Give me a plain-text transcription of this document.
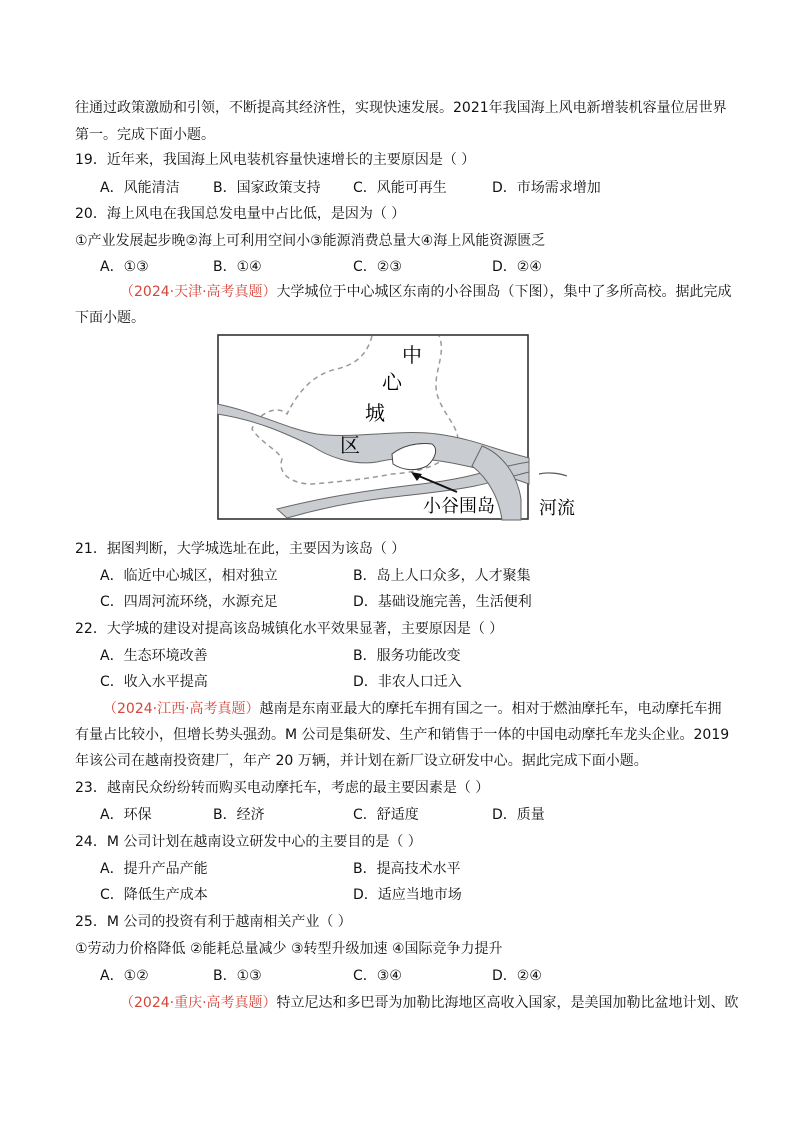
往通过政策激励和引领，不断提高其经济性，实现快速发展。2021年我国海上风电新增装机容量位居世界
第一。完成下面小题。
19．近年来，我国海上风电装机容量快速增长的主要原因是（ ）
A．风能清洁 B．国家政策支持 C．风能可再生	D．市场需求增加
20．海上风电在我国总发电量中占比低，是因为（ ）
①产业发展起步晚②海上可利用空间小③能源消费总量大④海上风能资源匮乏
A．①③	B．①④	C．②③	D．②④
（2024·天津·高考真题）大学城位于中心城区东南的小谷围岛（下图），集中了多所高校。据此完成
下面小题。
中
心
城
区
小谷围岛 河流
21．据图判断，大学城选址在此，主要因为该岛（ ）
A．临近中心城区，相对独立	B．岛上人口众多，人才聚集
C．四周河流环绕，水源充足	D．基础设施完善，生活便利
22．大学城的建设对提高该岛城镇化水平效果显著，主要原因是（ ）
A．生态环境改善	B．服务功能改变
C．收入水平提高	D．非农人口迁入
（2024·江西·高考真题）越南是东南亚最大的摩托车拥有国之一。相对于燃油摩托车，电动摩托车拥
有量占比较小，但增长势头强劲。M 公司是集研发、生产和销售于一体的中国电动摩托车龙头企业。2019
年该公司在越南投资建厂，年产 20 万辆，并计划在新厂设立研发中心。据此完成下面小题。
23．越南民众纷纷转而购买电动摩托车，考虑的最主要因素是（ ）
A．环保	B．经济	C．舒适度	D．质量
24．M 公司计划在越南设立研发中心的主要目的是（ ）
A．提升产品产能	B．提高技术水平
C．降低生产成本	D．适应当地市场
25．M 公司的投资有利于越南相关产业（ ）
①劳动力价格降低 ②能耗总量减少 ③转型升级加速 ④国际竞争力提升
A．①②	B．①③	C．③④	D．②④
（2024·重庆·高考真题）特立尼达和多巴哥为加勒比海地区高收入国家，是美国加勒比盆地计划、欧
